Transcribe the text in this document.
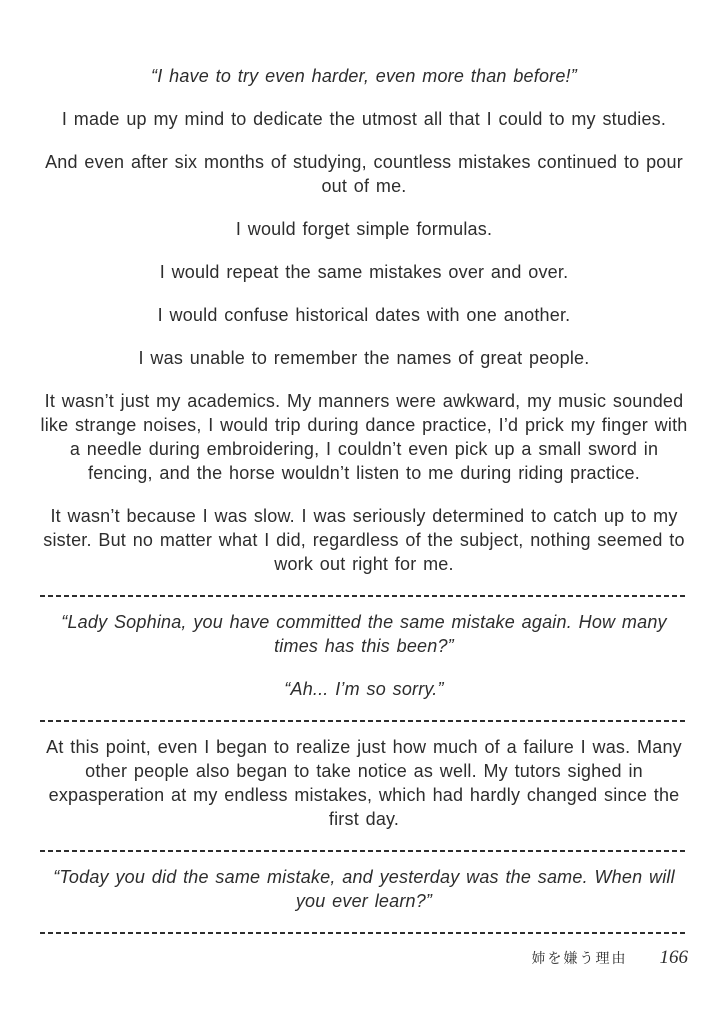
“I have to try even harder, even more than before!”

I made up my mind to dedicate the utmost all that I could to my studies.

And even after six months of studying, countless mistakes continued to pour out of me.

I would forget simple formulas.

I would repeat the same mistakes over and over.

I would confuse historical dates with one another.

I was unable to remember the names of great people.

It wasn’t just my academics. My manners were awkward, my music sounded like strange noises, I would trip during dance practice, I’d prick my finger with a needle during embroidering, I couldn’t even pick up a small sword in fencing, and the horse wouldn’t listen to me during riding practice.

It wasn’t because I was slow. I was seriously determined to catch up to my sister. But no matter what I did, regardless of the subject, nothing seemed to work out right for me.

“Lady Sophina, you have committed the same mistake again. How many times has this been?”

“Ah... I’m so sorry.”

At this point, even I began to realize just how much of a failure I was. Many other people also began to take notice as well. My tutors sighed in expasperation at my endless mistakes, which had hardly changed since the first day.

“Today you did the same mistake, and yesterday was the same. When will you ever learn?”

姉を嫌う理由 166
